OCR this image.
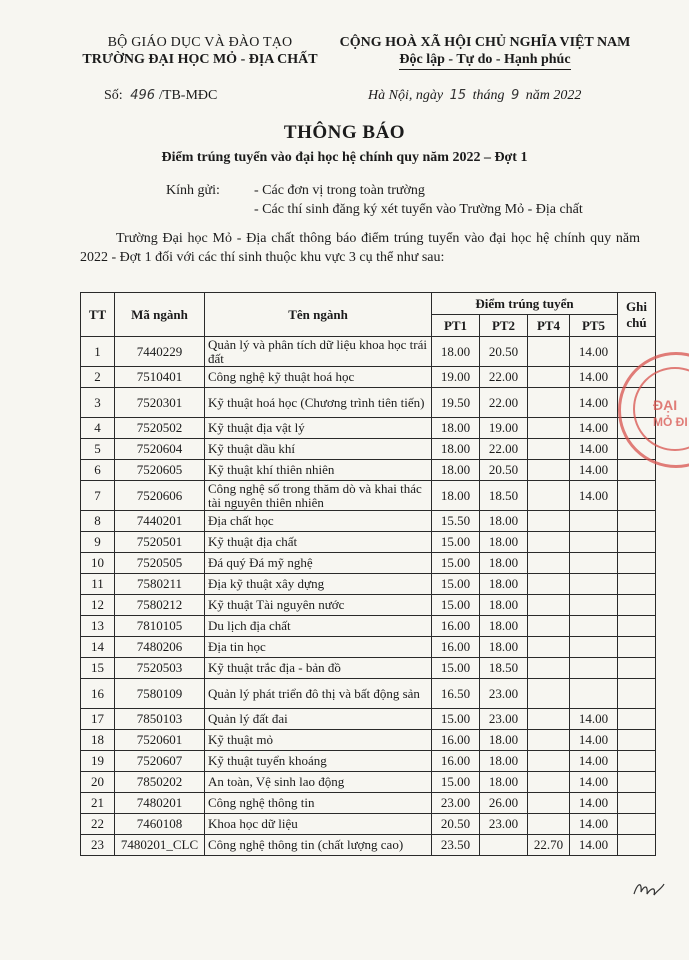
BỘ GIÁO DỤC VÀ ĐÀO TẠO
TRƯỜNG ĐẠI HỌC MỎ - ĐỊA CHẤT
CỘNG HOÀ XÃ HỘI CHỦ NGHĨA VIỆT NAM
Độc lập - Tự do - Hạnh phúc
Số: 496 /TB-MĐC	Hà Nội, ngày 15 tháng 9 năm 2022
THÔNG BÁO
Điểm trúng tuyển vào đại học hệ chính quy năm 2022 – Đợt 1
Kính gửi: - Các đơn vị trong toàn trường
- Các thí sinh đăng ký xét tuyển vào Trường Mỏ - Địa chất
Trường Đại học Mỏ - Địa chất thông báo điểm trúng tuyển vào đại học hệ chính quy năm 2022 - Đợt 1 đối với các thí sinh thuộc khu vực 3 cụ thể như sau:
TT	Mã ngành	Tên ngành	Điểm trúng tuyển				Ghi chú
			PT1	PT2	PT4	PT5	
1	7440229	Quản lý và phân tích dữ liệu khoa học trái đất	18.00	20.50		14.00	
2	7510401	Công nghệ kỹ thuật hoá học	19.00	22.00		14.00	
3	7520301	Kỹ thuật hoá học (Chương trình tiên tiến)	19.50	22.00		14.00	
4	7520502	Kỹ thuật địa vật lý	18.00	19.00		14.00	
5	7520604	Kỹ thuật dầu khí	18.00	22.00		14.00	
6	7520605	Kỹ thuật khí thiên nhiên	18.00	20.50		14.00	
7	7520606	Công nghệ số trong thăm dò và khai thác tài nguyên thiên nhiên	18.00	18.50		14.00	
8	7440201	Địa chất học	15.50	18.00			
9	7520501	Kỹ thuật địa chất	15.00	18.00			
10	7520505	Đá quý Đá mỹ nghệ	15.00	18.00			
11	7580211	Địa kỹ thuật xây dựng	15.00	18.00			
12	7580212	Kỹ thuật Tài nguyên nước	15.00	18.00			
13	7810105	Du lịch địa chất	16.00	18.00			
14	7480206	Địa tin học	16.00	18.00			
15	7520503	Kỹ thuật trắc địa - bản đồ	15.00	18.50			
16	7580109	Quản lý phát triển đô thị và bất động sản	16.50	23.00			
17	7850103	Quản lý đất đai	15.00	23.00		14.00	
18	7520601	Kỹ thuật mỏ	16.00	18.00		14.00	
19	7520607	Kỹ thuật tuyển khoáng	16.00	18.00		14.00	
20	7850202	An toàn, Vệ sinh lao động	15.00	18.00		14.00	
21	7480201	Công nghệ thông tin	23.00	26.00		14.00	
22	7460108	Khoa học dữ liệu	20.50	23.00		14.00	
23	7480201_CLC	Công nghệ thông tin (chất lượng cao)	23.50		22.70	14.00	
ĐẠI
MỎ ĐI
